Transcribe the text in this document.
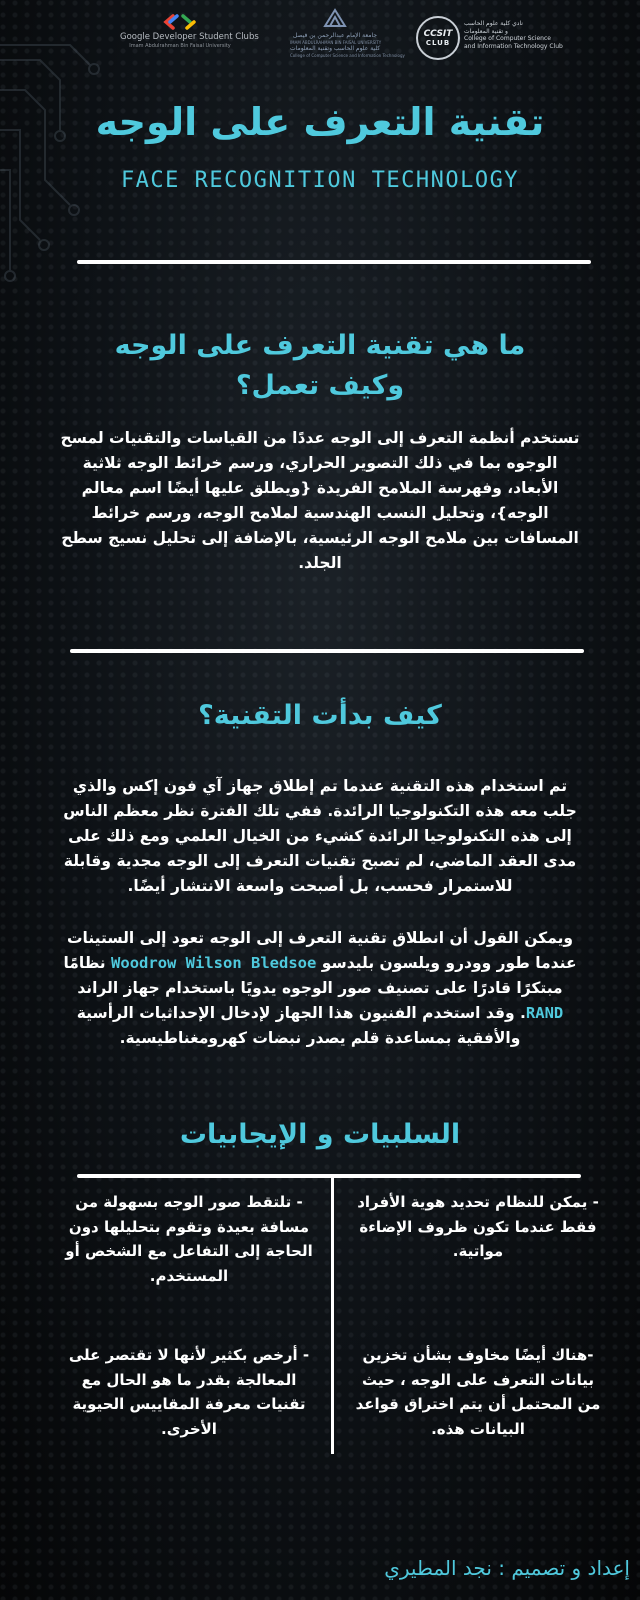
Google Developer Student Clubs
Imam Abdulrahman Bin Faisal University
جامعة الإمام عبدالرحمن بن فيصل
IMAM ABDULRAHMAN BIN FAISAL UNIVERSITY
كلية علوم الحاسب وتقنية المعلومات
College of Computer Science and Information Technology
CCSIT
CLUB
نادي كلية علوم الحاسب
و تقنية المعلومات
College of Computer Science
and Information Technology Club
تقنية التعرف على الوجه
FACE RECOGNITION TECHNOLOGY
ما هي تقنية التعرف على الوجه
وكيف تعمل؟
تستخدم أنظمة التعرف إلى الوجه عددًا من القياسات والتقنيات لمسح الوجوه بما في ذلك التصوير الحراري، ورسم خرائط الوجه ثلاثية الأبعاد، وفهرسة الملامح الفريدة {ويطلق عليها أيضًا اسم معالم الوجه}، وتحليل النسب الهندسية لملامح الوجه، ورسم خرائط المسافات بين ملامح الوجه الرئيسية، بالإضافة إلى تحليل نسيج سطح الجلد.
كيف بدأت التقنية؟
تم استخدام هذه التقنية عندما تم إطلاق جهاز آي فون إكس والذي جلب معه هذه التكنولوجيا الرائدة. ففي تلك الفترة نظر معظم الناس إلى هذه التكنولوجيا الرائدة كشيء من الخيال العلمي ومع ذلك على مدى العقد الماضي، لم تصبح تقنيات التعرف إلى الوجه مجدية وقابلة للاستمرار فحسب، بل أصبحت واسعة الانتشار أيضًا.
ويمكن القول أن انطلاق تقنية التعرف إلى الوجه تعود إلى الستينات عندما طور وودرو ويلسون بليدسو Woodrow Wilson Bledsoe نظامًا مبتكرًا قادرًا على تصنيف صور الوجوه يدويًا باستخدام جهاز الراند RAND. وقد استخدم الفنيون هذا الجهاز لإدخال الإحداثيات الرأسية والأفقية بمساعدة قلم يصدر نبضات كهرومغناطيسية.
السلبيات و الإيجابيات
- تلتقط صور الوجه بسهولة من مسافة بعيدة وتقوم بتحليلها دون الحاجة إلى التفاعل مع الشخص أو المستخدم.
- أرخص بكثير لأنها لا تقتصر على المعالجة بقدر ما هو الحال مع تقنيات معرفة المقاييس الحيوية الأخرى.
- يمكن للنظام تحديد هوية الأفراد فقط عندما تكون ظروف الإضاءة مواتية.
-هناك أيضًا مخاوف بشأن تخزين بيانات التعرف على الوجه ، حيث من المحتمل أن يتم اختراق قواعد البيانات هذه.
إعداد و تصميم : نجد المطيري
